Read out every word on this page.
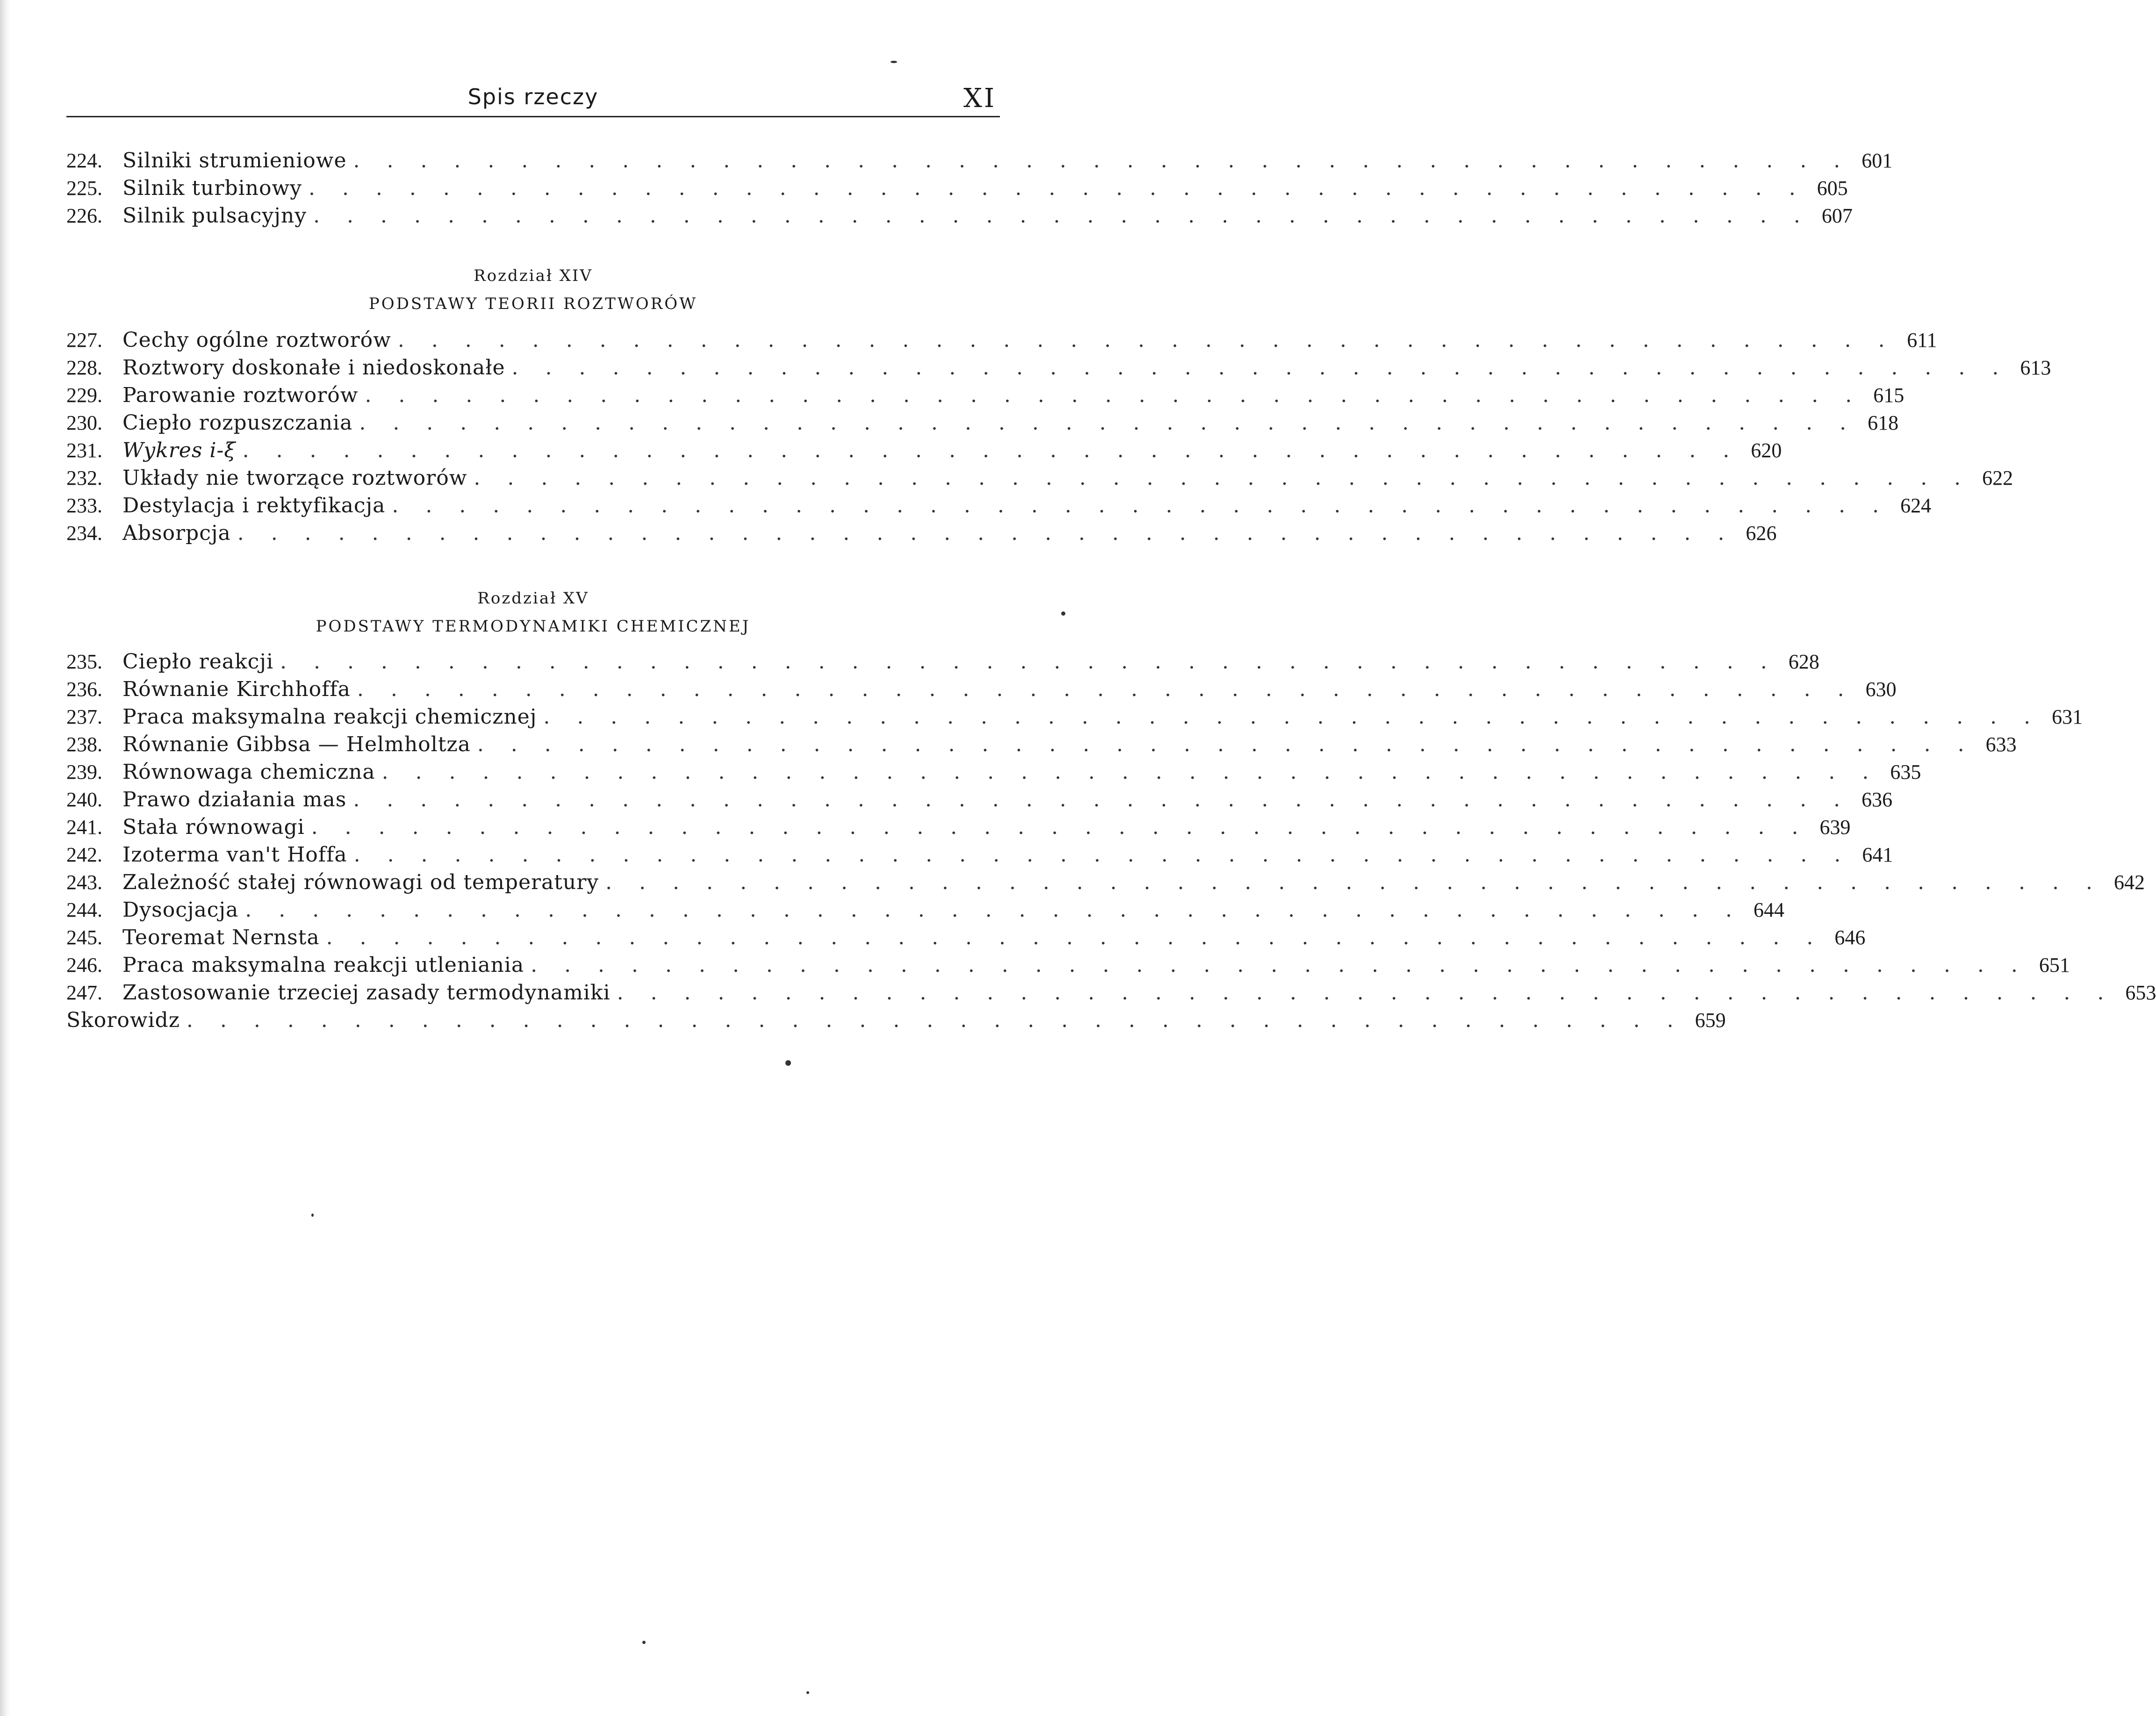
Spis rzeczy	XI
224. Silniki strumieniowe . . . . . . . . . . . . . . . . . . . . . . . . . . . . . . . . . . . . . . . . . . . . . 601
225. Silnik turbinowy . . . . . . . . . . . . . . . . . . . . . . . . . . . . . . . . . . . . . . . . . . . . . 605
226. Silnik pulsacyjny . . . . . . . . . . . . . . . . . . . . . . . . . . . . . . . . . . . . . . . . . . . . . 607
Rozdział XIV
PODSTAWY TEORII ROZTWORÓW
227. Cechy ogólne roztworów . . . . . . . . . . . . . . . . . . . . . . . . . . . . . . . . . . . . . . . . . . . . . 611
228. Roztwory doskonałe i niedoskonałe . . . . . . . . . . . . . . . . . . . . . . . . . . . . . . . . . . . . . . . . . . . . . 613
229. Parowanie roztworów . . . . . . . . . . . . . . . . . . . . . . . . . . . . . . . . . . . . . . . . . . . . . 615
230. Ciepło rozpuszczania . . . . . . . . . . . . . . . . . . . . . . . . . . . . . . . . . . . . . . . . . . . . . 618
231. Wykres i-ξ . . . . . . . . . . . . . . . . . . . . . . . . . . . . . . . . . . . . . . . . . . . . . 620
232. Układy nie tworzące roztworów . . . . . . . . . . . . . . . . . . . . . . . . . . . . . . . . . . . . . . . . . . . . . 622
233. Destylacja i rektyfikacja . . . . . . . . . . . . . . . . . . . . . . . . . . . . . . . . . . . . . . . . . . . . . 624
234. Absorpcja . . . . . . . . . . . . . . . . . . . . . . . . . . . . . . . . . . . . . . . . . . . . . 626
Rozdział XV
PODSTAWY TERMODYNAMIKI CHEMICZNEJ
235. Ciepło reakcji . . . . . . . . . . . . . . . . . . . . . . . . . . . . . . . . . . . . . . . . . . . . . 628
236. Równanie Kirchhoffa . . . . . . . . . . . . . . . . . . . . . . . . . . . . . . . . . . . . . . . . . . . . . 630
237. Praca maksymalna reakcji chemicznej . . . . . . . . . . . . . . . . . . . . . . . . . . . . . . . . . . . . . . . . . . . . . 631
238. Równanie Gibbsa — Helmholtza . . . . . . . . . . . . . . . . . . . . . . . . . . . . . . . . . . . . . . . . . . . . . 633
239. Równowaga chemiczna . . . . . . . . . . . . . . . . . . . . . . . . . . . . . . . . . . . . . . . . . . . . . 635
240. Prawo działania mas . . . . . . . . . . . . . . . . . . . . . . . . . . . . . . . . . . . . . . . . . . . . . 636
241. Stała równowagi . . . . . . . . . . . . . . . . . . . . . . . . . . . . . . . . . . . . . . . . . . . . . 639
242. Izoterma van't Hoffa . . . . . . . . . . . . . . . . . . . . . . . . . . . . . . . . . . . . . . . . . . . . . 641
243. Zależność stałej równowagi od temperatury . . . . . . . . . . . . . . . . . . . . . . . . . . . . . . . . . . . . . . . . . . . . . 642
244. Dysocjacja . . . . . . . . . . . . . . . . . . . . . . . . . . . . . . . . . . . . . . . . . . . . . 644
245. Teoremat Nernsta . . . . . . . . . . . . . . . . . . . . . . . . . . . . . . . . . . . . . . . . . . . . . 646
246. Praca maksymalna reakcji utleniania . . . . . . . . . . . . . . . . . . . . . . . . . . . . . . . . . . . . . . . . . . . . . 651
247. Zastosowanie trzeciej zasady termodynamiki . . . . . . . . . . . . . . . . . . . . . . . . . . . . . . . . . . . . . . . . . . . . . 653
Skorowidz . . . . . . . . . . . . . . . . . . . . . . . . . . . . . . . . . . . . . . . . . . . . . 659
